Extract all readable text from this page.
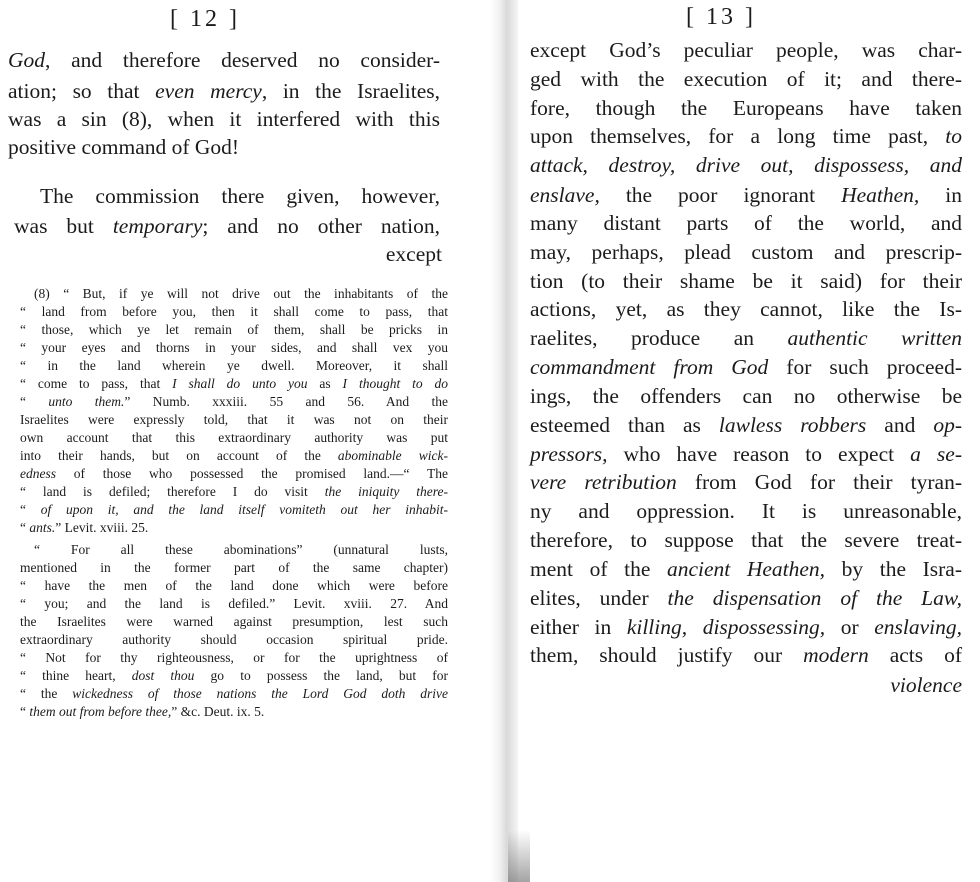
[ 12 ]
God, and therefore deserved no consider-
ation; so that even mercy, in the Israelites,
was a sin (8), when it interfered with this
positive command of God!
The commission there given, however,
was but temporary; and no other nation,
except
(8) “ But, if ye will not drive out the inhabitants of the
“ land from before you, then it shall come to pass, that
“ those, which ye let remain of them, shall be pricks in
“ your eyes and thorns in your sides, and shall vex you
“ in the land wherein ye dwell. Moreover, it shall
“ come to pass, that I shall do unto you as I thought to do
“ unto them.” Numb. xxxiii. 55 and 56. And the
Israelites were expressly told, that it was not on their
own account that this extraordinary authority was put
into their hands, but on account of the abominable wick-
edness of those who possessed the promised land.—“ The
“ land is defiled; therefore I do visit the iniquity there-
“ of upon it, and the land itself vomiteth out her inhabit-
“ ants.” Levit. xviii. 25.
“ For all these abominations” (unnatural lusts,
mentioned in the former part of the same chapter)
“ have the men of the land done which were before
“ you; and the land is defiled.” Levit. xviii. 27. And
the Israelites were warned against presumption, lest such
extraordinary authority should occasion spiritual pride.
“ Not for thy righteousness, or for the uprightness of
“ thine heart, dost thou go to possess the land, but for
“ the wickedness of those nations the Lord God doth drive
“ them out from before thee,” &c. Deut. ix. 5.
[ 13 ]
except God’s peculiar people, was char-
ged with the execution of it; and there-
fore, though the Europeans have taken
upon themselves, for a long time past, to
attack, destroy, drive out, dispossess, and
enslave, the poor ignorant Heathen, in
many distant parts of the world, and
may, perhaps, plead custom and prescrip-
tion (to their shame be it said) for their
actions, yet, as they cannot, like the Is-
raelites, produce an authentic written
commandment from God for such proceed-
ings, the offenders can no otherwise be
esteemed than as lawless robbers and op-
pressors, who have reason to expect a se-
vere retribution from God for their tyran-
ny and oppression. It is unreasonable,
therefore, to suppose that the severe treat-
ment of the ancient Heathen, by the Isra-
elites, under the dispensation of the Law,
either in killing, dispossessing, or enslaving,
them, should justify our modern acts of
violence
